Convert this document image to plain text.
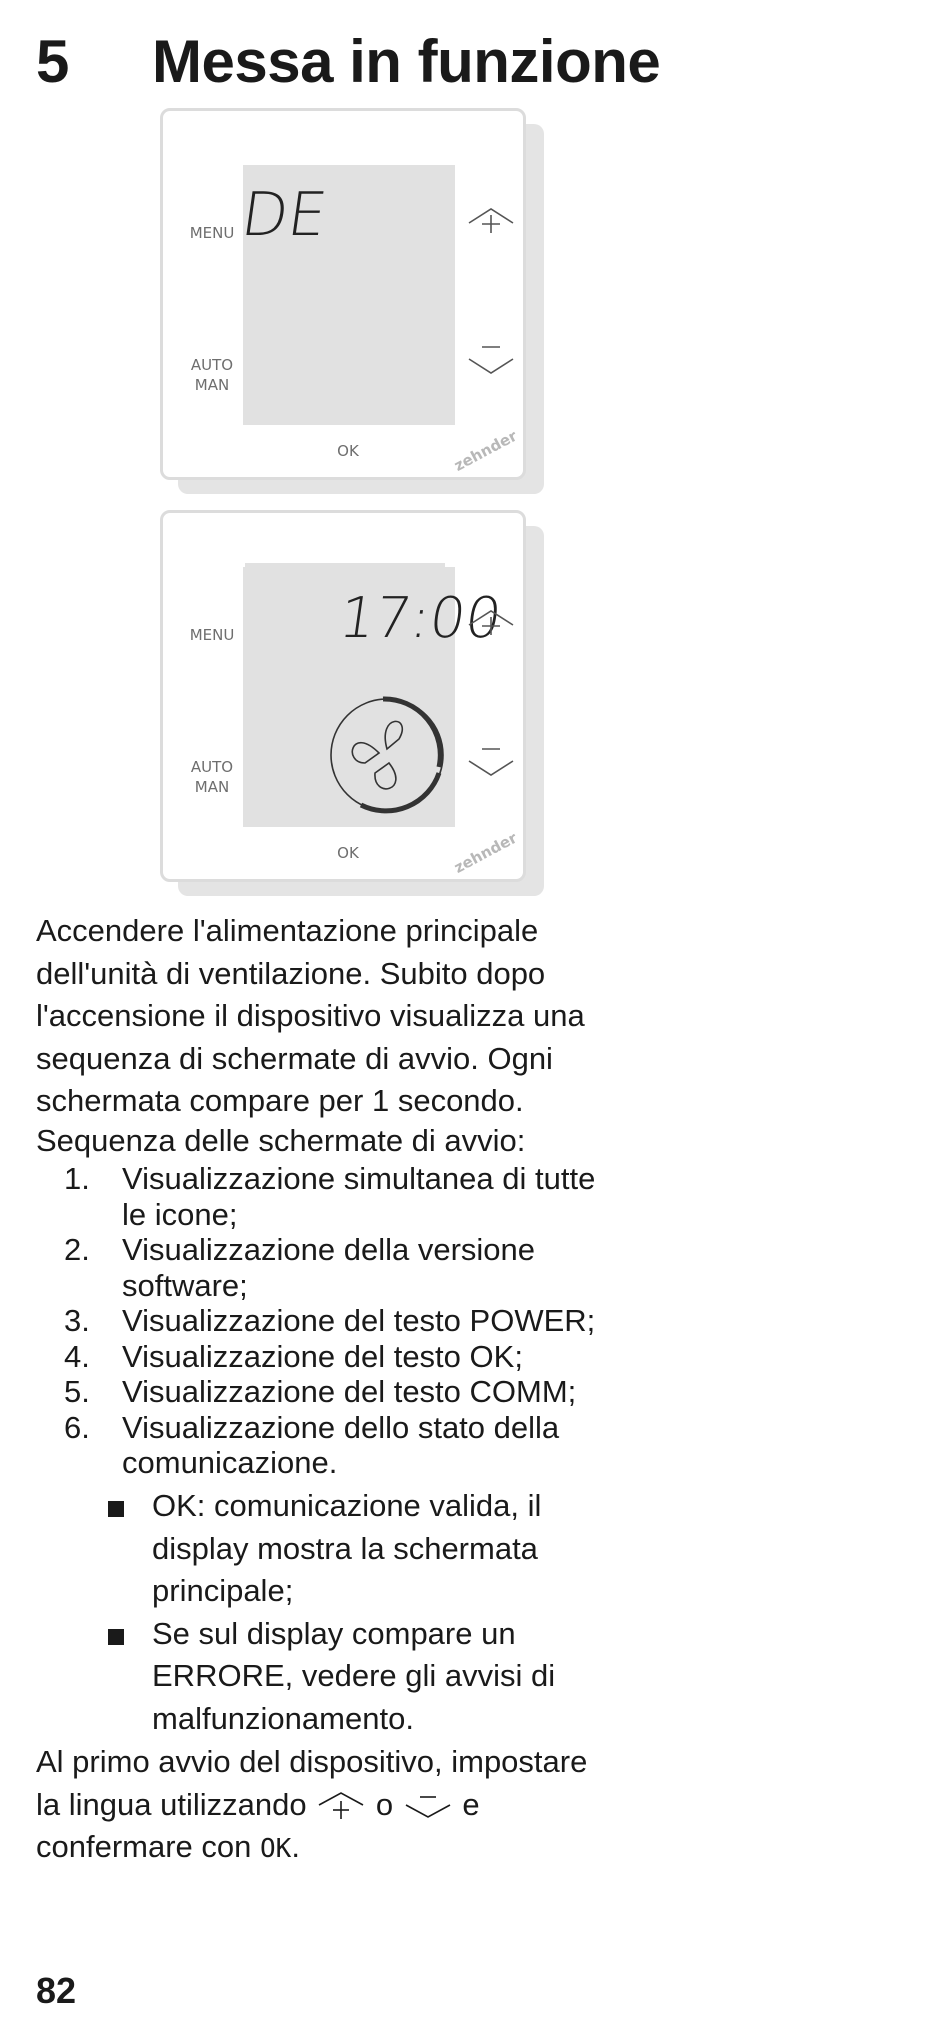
5	Messa in funzione
DE
MENU
AUTO
MAN
OK	zehnder
17:00
MENU
AUTO
MAN
OK	zehnder
Accendere l'alimentazione principale
dell'unità di ventilazione. Subito dopo
l'accensione il dispositivo visualizza una
sequenza di schermate di avvio. Ogni
schermata compare per 1 secondo.
Sequenza delle schermate di avvio:
1. Visualizzazione simultanea di tutte
le icone;
2. Visualizzazione della versione
software;
3. Visualizzazione del testo POWER;
4. Visualizzazione del testo OK;
5. Visualizzazione del testo COMM;
6. Visualizzazione dello stato della
comunicazione.
OK: comunicazione valida, il
display mostra la schermata
principale;
Se sul display compare un
ERRORE, vedere gli avvisi di
malfunzionamento.
Al primo avvio del dispositivo, impostare
la lingua utilizzando o e
confermare con OK.
82
